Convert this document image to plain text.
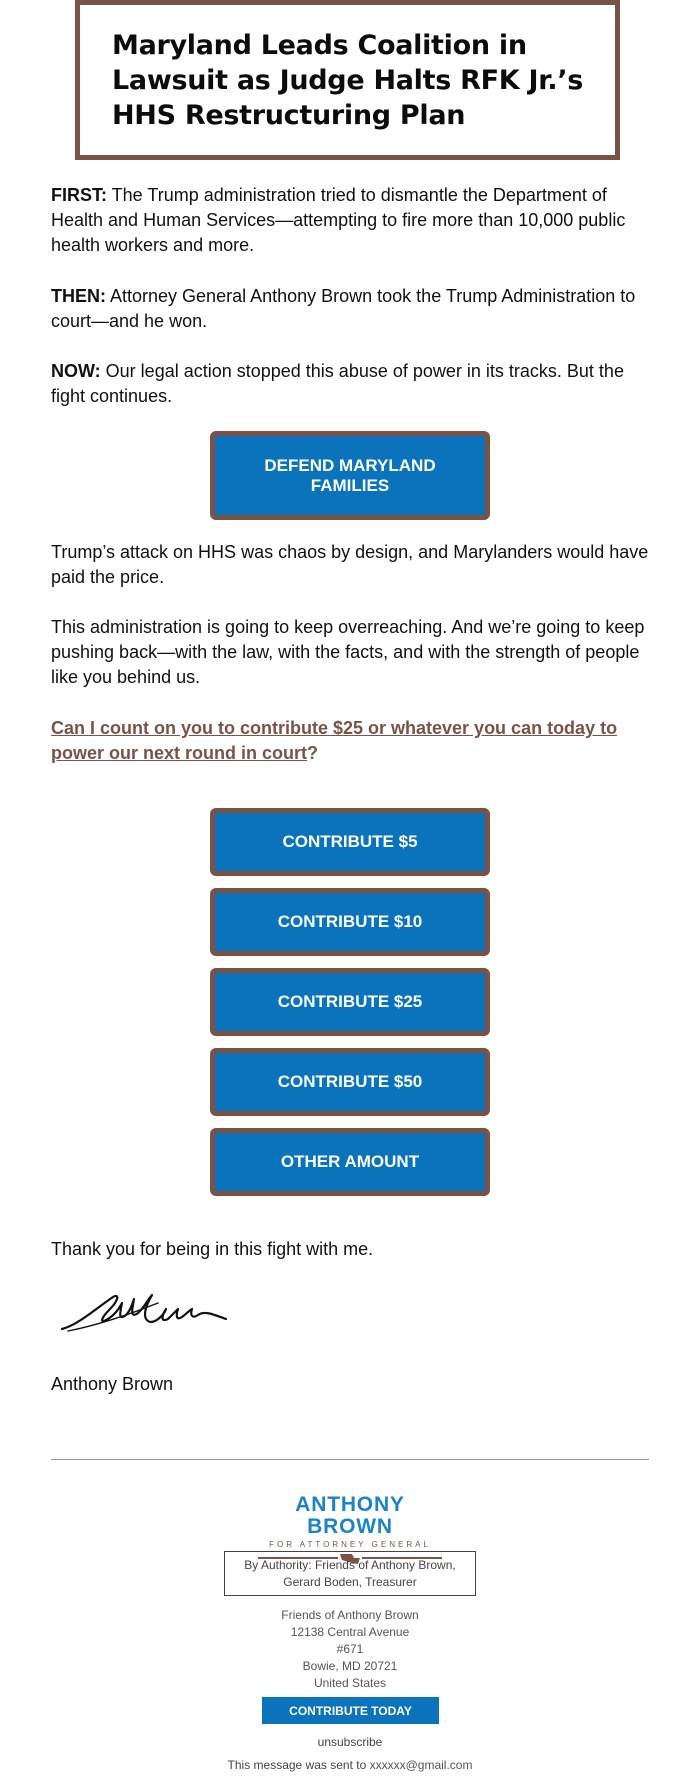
Maryland Leads Coalition in Lawsuit as Judge Halts RFK Jr.’s HHS Restructuring Plan

FIRST: The Trump administration tried to dismantle the Department of Health and Human Services—attempting to fire more than 10,000 public health workers and more.

THEN: Attorney General Anthony Brown took the Trump Administration to court—and he won.

NOW: Our legal action stopped this abuse of power in its tracks. But the fight continues.

DEFEND MARYLAND FAMILIES

Trump’s attack on HHS was chaos by design, and Marylanders would have paid the price.

This administration is going to keep overreaching. And we’re going to keep pushing back—with the law, with the facts, and with the strength of people like you behind us.

Can I count on you to contribute $25 or whatever you can today to power our next round in court?

CONTRIBUTE $5
CONTRIBUTE $10
CONTRIBUTE $25
CONTRIBUTE $50
OTHER AMOUNT

Thank you for being in this fight with me.

Anthony Brown

ANTHONY BROWN
FOR ATTORNEY GENERAL
By Authority: Friends of Anthony Brown,
Gerard Boden, Treasurer
Friends of Anthony Brown
12138 Central Avenue
#671
Bowie, MD 20721
United States
CONTRIBUTE TODAY
unsubscribe
This message was sent to xxxxxx@gmail.com
